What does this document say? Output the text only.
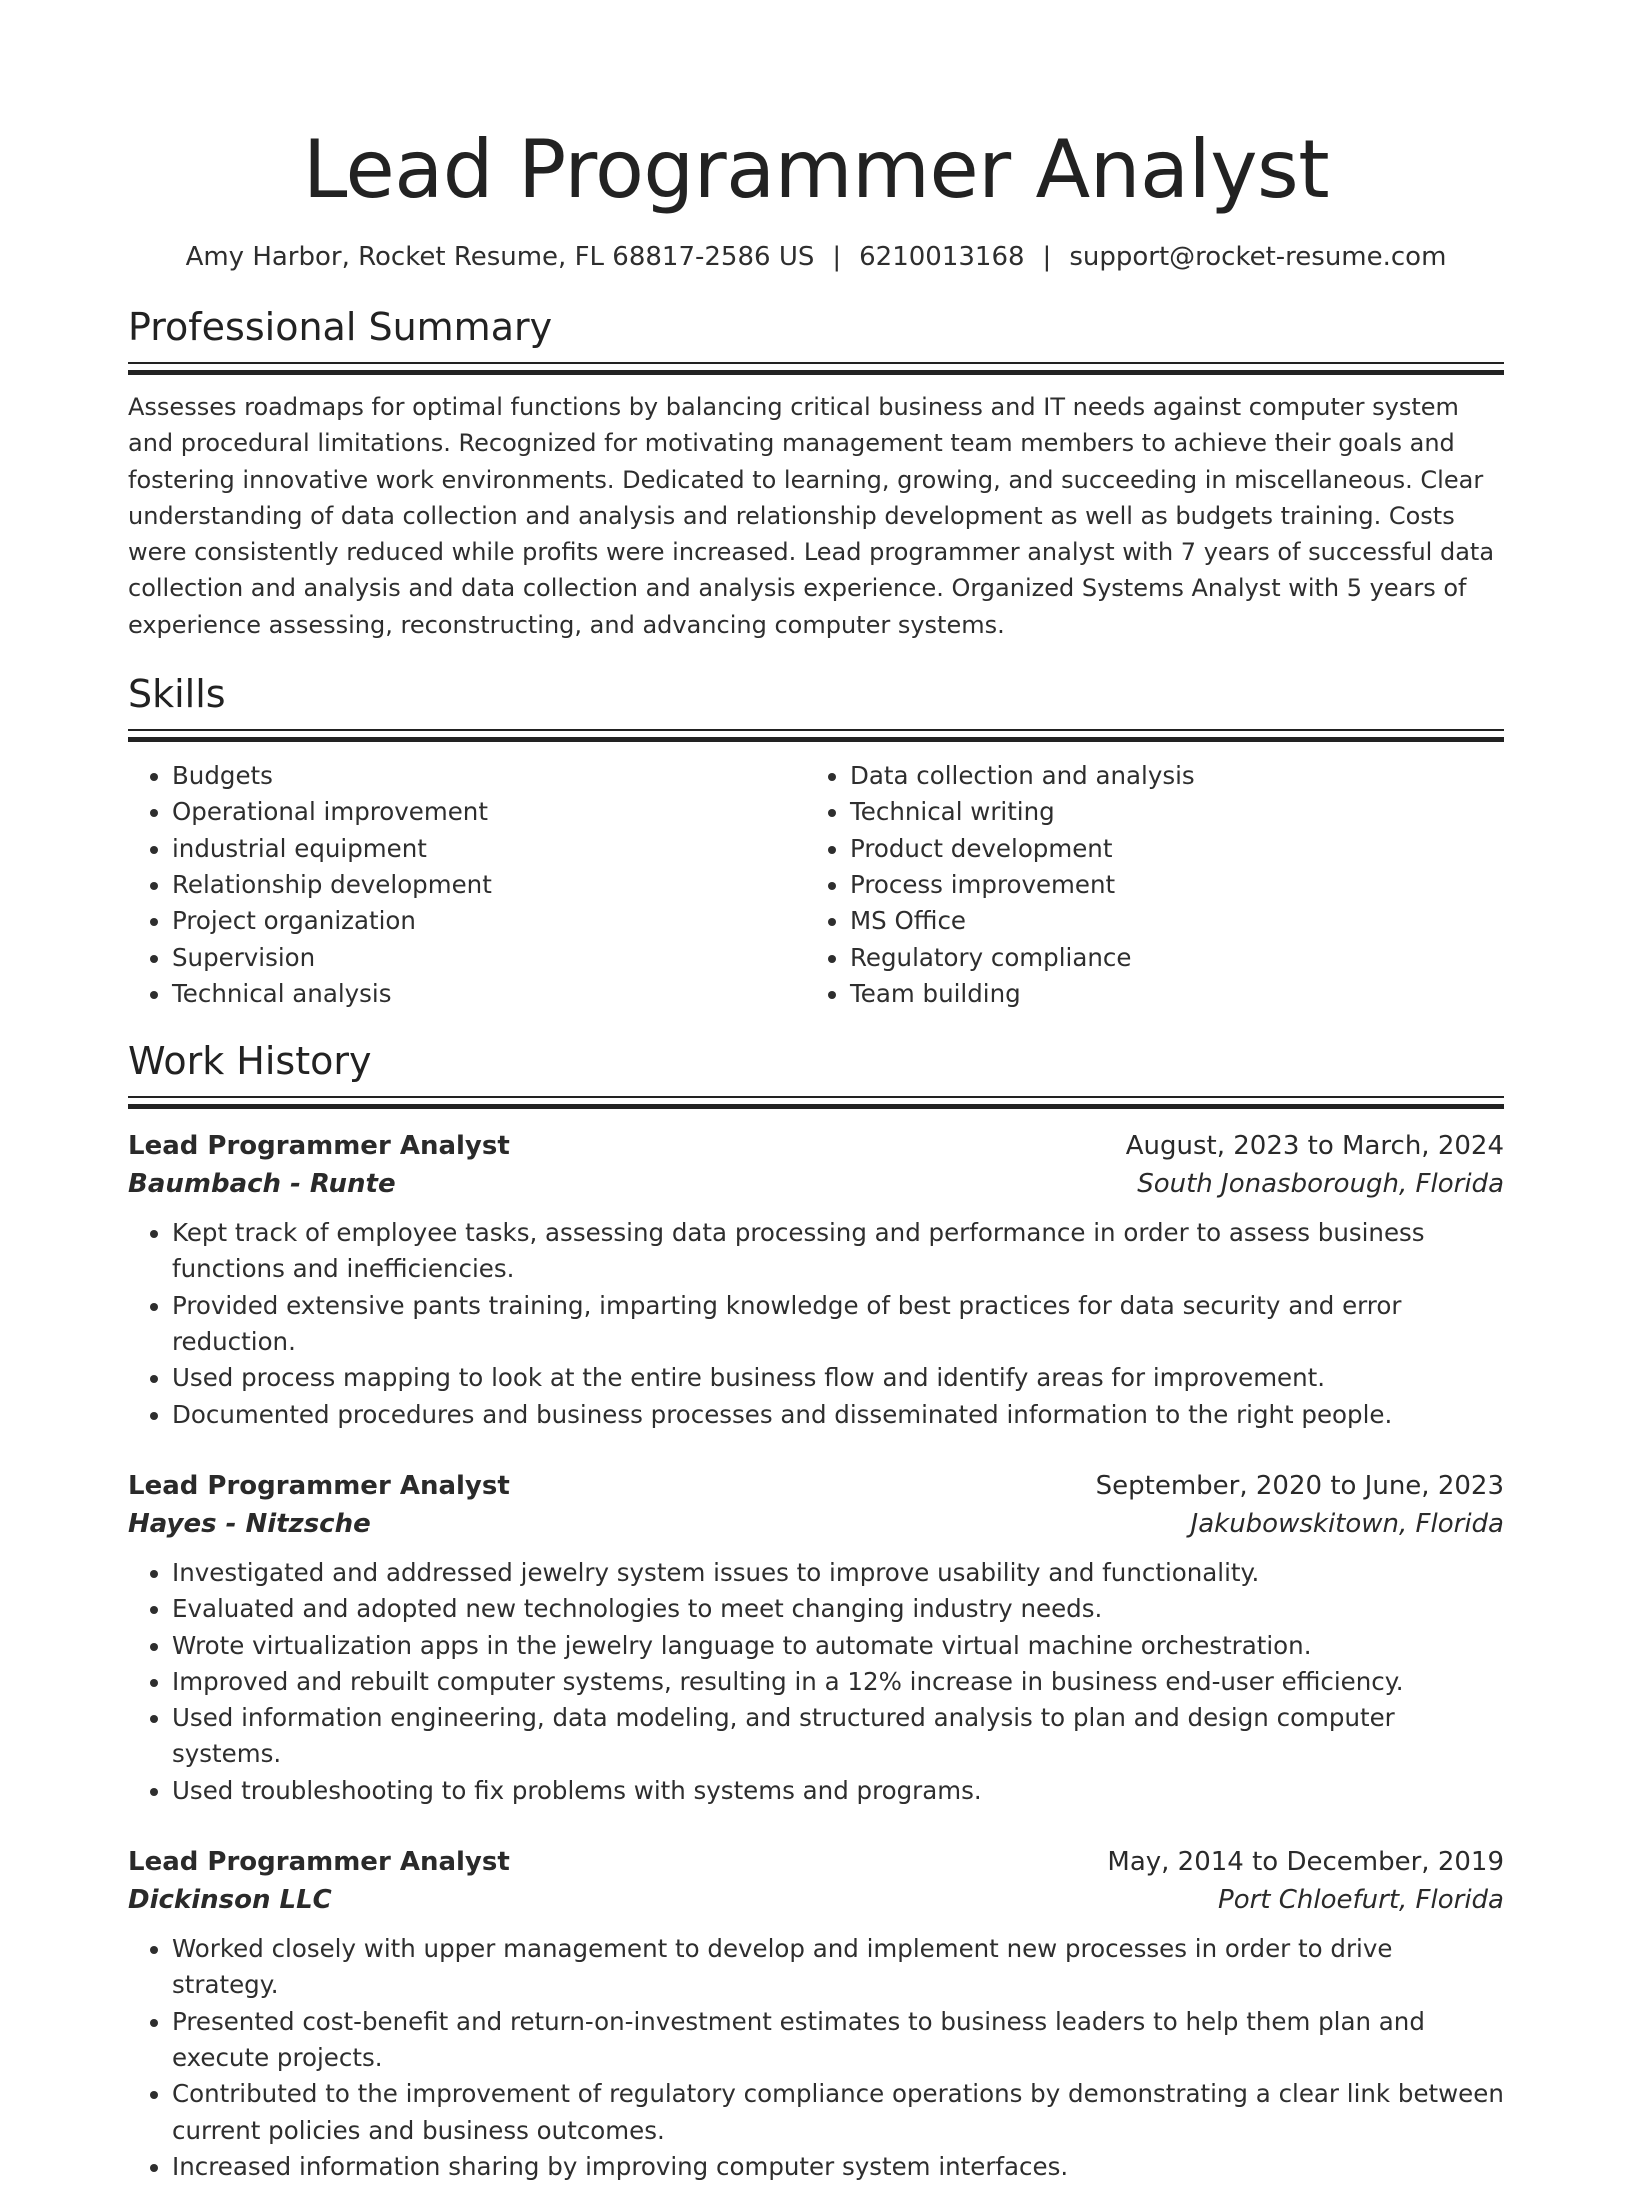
Lead Programmer Analyst
Amy Harbor, Rocket Resume, FL 68817-2586 US | 6210013168 | support@rocket-resume.com
Professional Summary

Assesses roadmaps for optimal functions by balancing critical business and IT needs against computer system and procedural limitations. Recognized for motivating management team members to achieve their goals and fostering innovative work environments. Dedicated to learning, growing, and succeeding in miscellaneous. Clear understanding of data collection and analysis and relationship development as well as budgets training. Costs were consistently reduced while profits were increased. Lead programmer analyst with 7 years of successful data collection and analysis and data collection and analysis experience. Organized Systems Analyst with 5 years of experience assessing, reconstructing, and advancing computer systems.

Skills
• Budgets
• Operational improvement
• industrial equipment
• Relationship development
• Project organization
• Supervision
• Technical analysis
• Data collection and analysis
• Technical writing
• Product development
• Process improvement
• MS Office
• Regulatory compliance
• Team building
Work History
Lead Programmer Analyst	August, 2023 to March, 2024
Baumbach - Runte	South Jonasborough, Florida
• Kept track of employee tasks, assessing data processing and performance in order to assess business functions and inefficiencies.
• Provided extensive pants training, imparting knowledge of best practices for data security and error reduction.
• Used process mapping to look at the entire business flow and identify areas for improvement.
• Documented procedures and business processes and disseminated information to the right people.
Lead Programmer Analyst	September, 2020 to June, 2023
Hayes - Nitzsche	Jakubowskitown, Florida
• Investigated and addressed jewelry system issues to improve usability and functionality.
• Evaluated and adopted new technologies to meet changing industry needs.
• Wrote virtualization apps in the jewelry language to automate virtual machine orchestration.
• Improved and rebuilt computer systems, resulting in a 12% increase in business end-user efficiency.
• Used information engineering, data modeling, and structured analysis to plan and design computer systems.
• Used troubleshooting to fix problems with systems and programs.
Lead Programmer Analyst	May, 2014 to December, 2019
Dickinson LLC	Port Chloefurt, Florida
• Worked closely with upper management to develop and implement new processes in order to drive strategy.
• Presented cost-benefit and return-on-investment estimates to business leaders to help them plan and execute projects.
• Contributed to the improvement of regulatory compliance operations by demonstrating a clear link between current policies and business outcomes.
• Increased information sharing by improving computer system interfaces.
